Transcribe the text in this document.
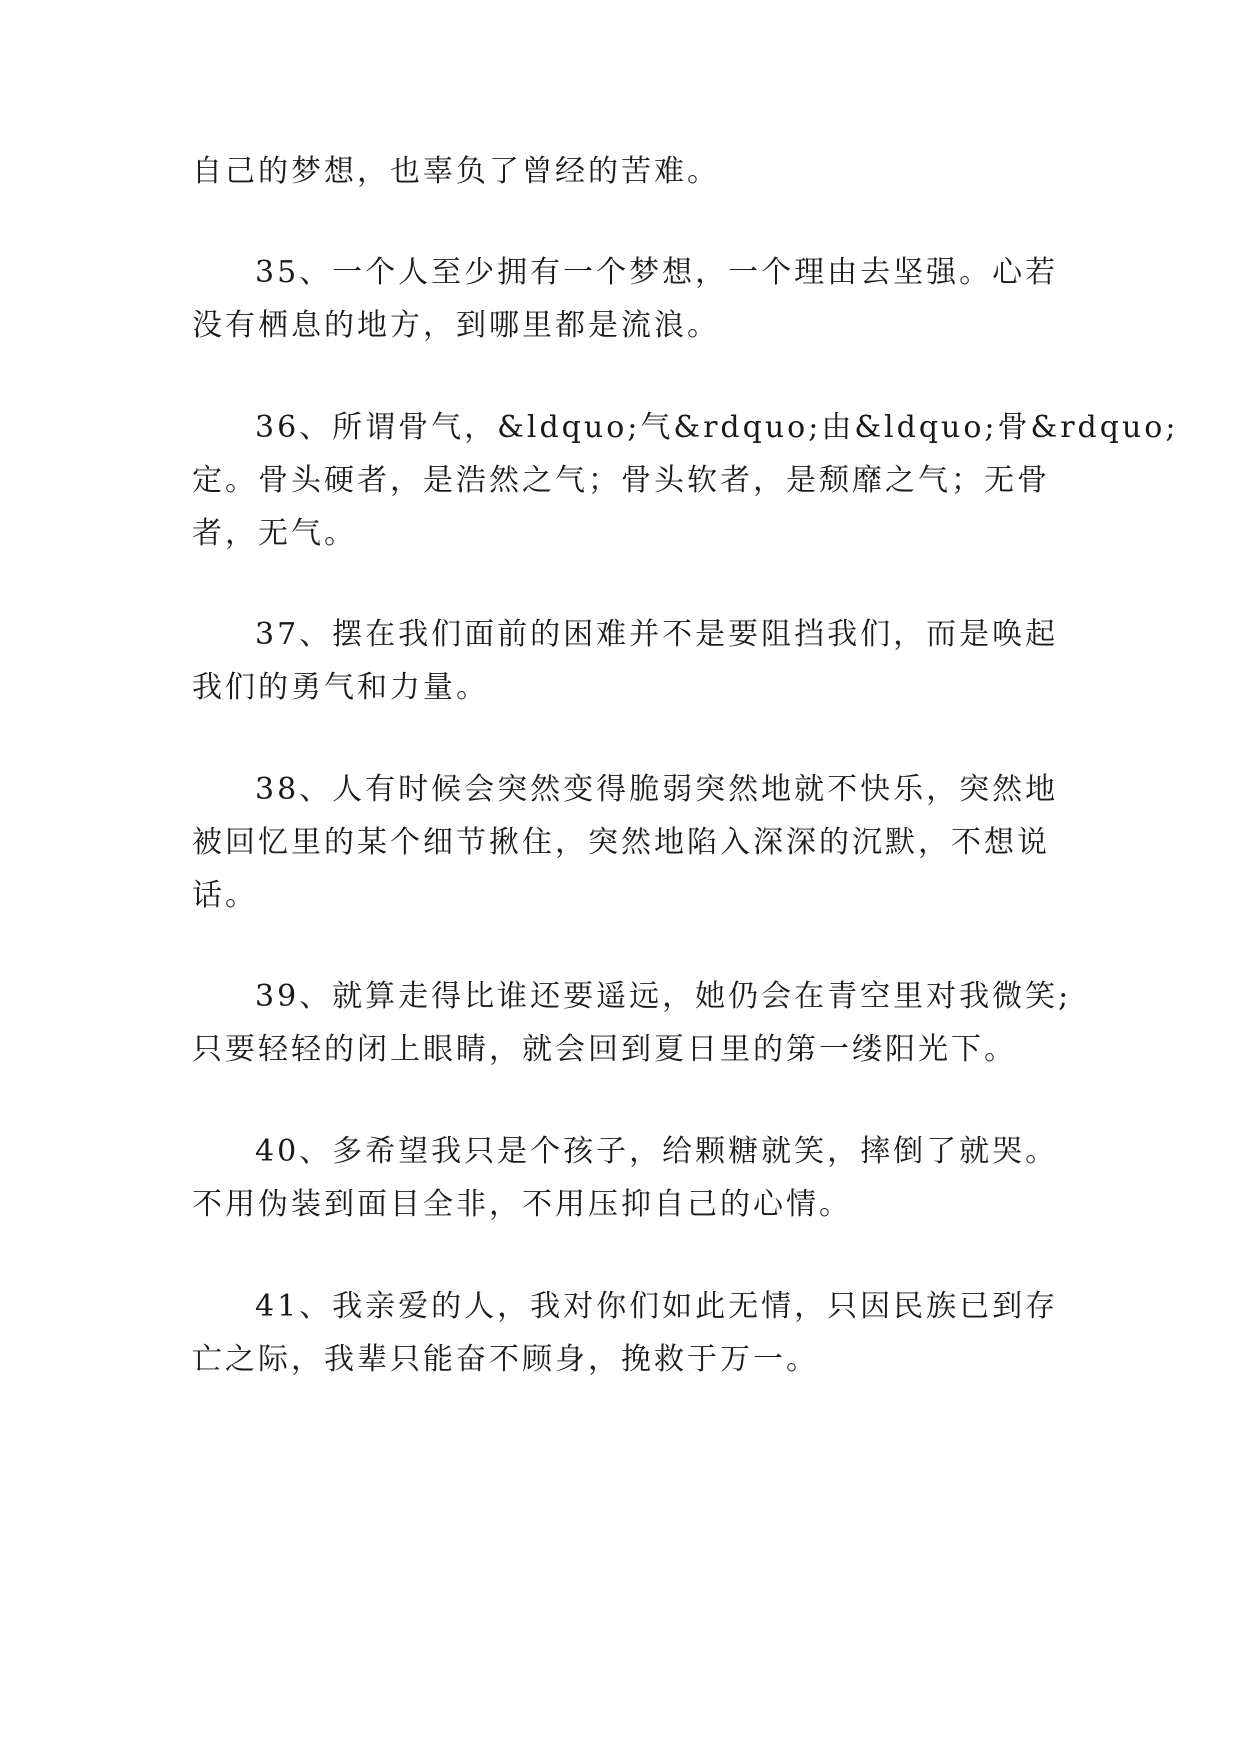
自己的梦想，也辜负了曾经的苦难。
35、一个人至少拥有一个梦想，一个理由去坚强。心若
没有栖息的地方，到哪里都是流浪。
36、所谓骨气，&ldquo;气&rdquo;由&ldquo;骨&rdquo;
定。骨头硬者，是浩然之气；骨头软者，是颓靡之气；无骨
者，无气。
37、摆在我们面前的困难并不是要阻挡我们，而是唤起
我们的勇气和力量。
38、人有时候会突然变得脆弱突然地就不快乐，突然地
被回忆里的某个细节揪住，突然地陷入深深的沉默，不想说
话。
39、就算走得比谁还要遥远，她仍会在青空里对我微笑;
只要轻轻的闭上眼睛，就会回到夏日里的第一缕阳光下。
40、多希望我只是个孩子，给颗糖就笑，摔倒了就哭。
不用伪装到面目全非，不用压抑自己的心情。
41、我亲爱的人，我对你们如此无情，只因民族已到存
亡之际，我辈只能奋不顾身，挽救于万一。
